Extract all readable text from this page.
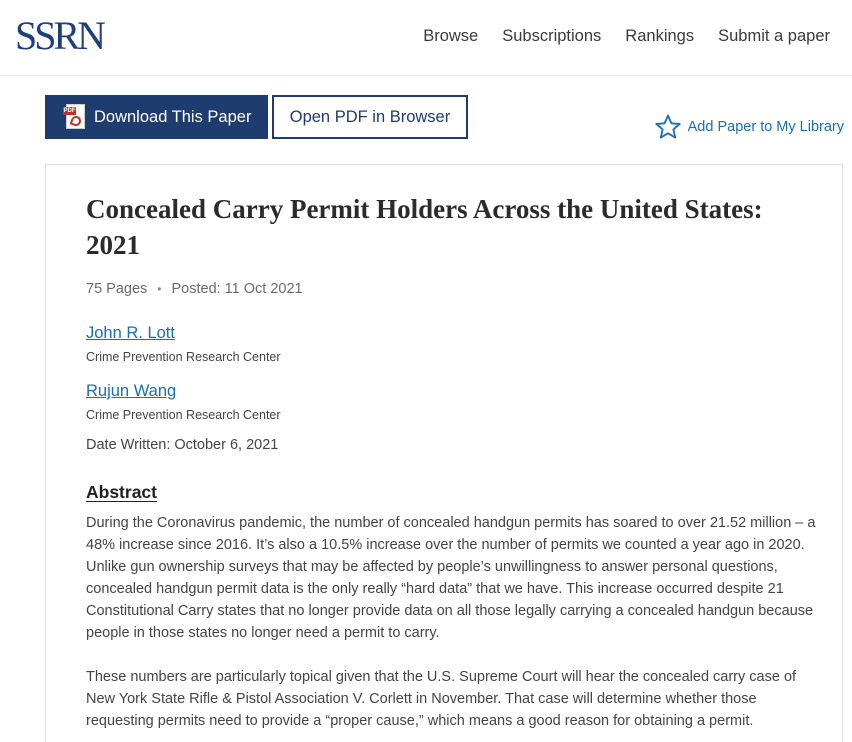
SSRN	Browse Subscriptions Rankings Submit a paper
PDF Download This Paper Open PDF in Browser
Add Paper to My Library
Concealed Carry Permit Holders Across the United States: 2021
75 Pages • Posted: 11 Oct 2021
John R. Lott
Crime Prevention Research Center
Rujun Wang
Crime Prevention Research Center
Date Written: October 6, 2021
Abstract

During the Coronavirus pandemic, the number of concealed handgun permits has soared to over 21.52 million – a 48% increase since 2016. It’s also a 10.5% increase over the number of permits we counted a year ago in 2020. Unlike gun ownership surveys that may be affected by people’s unwillingness to answer personal questions, concealed handgun permit data is the only really “hard data” that we have. This increase occurred despite 21 Constitutional Carry states that no longer provide data on all those legally carrying a concealed handgun because people in those states no longer need a permit to carry.

These numbers are particularly topical given that the U.S. Supreme Court will hear the concealed carry case of New York State Rifle & Pistol Association V. Corlett in November. That case will determine whether those requesting permits need to provide a “proper cause,” which means a good reason for obtaining a permit.
